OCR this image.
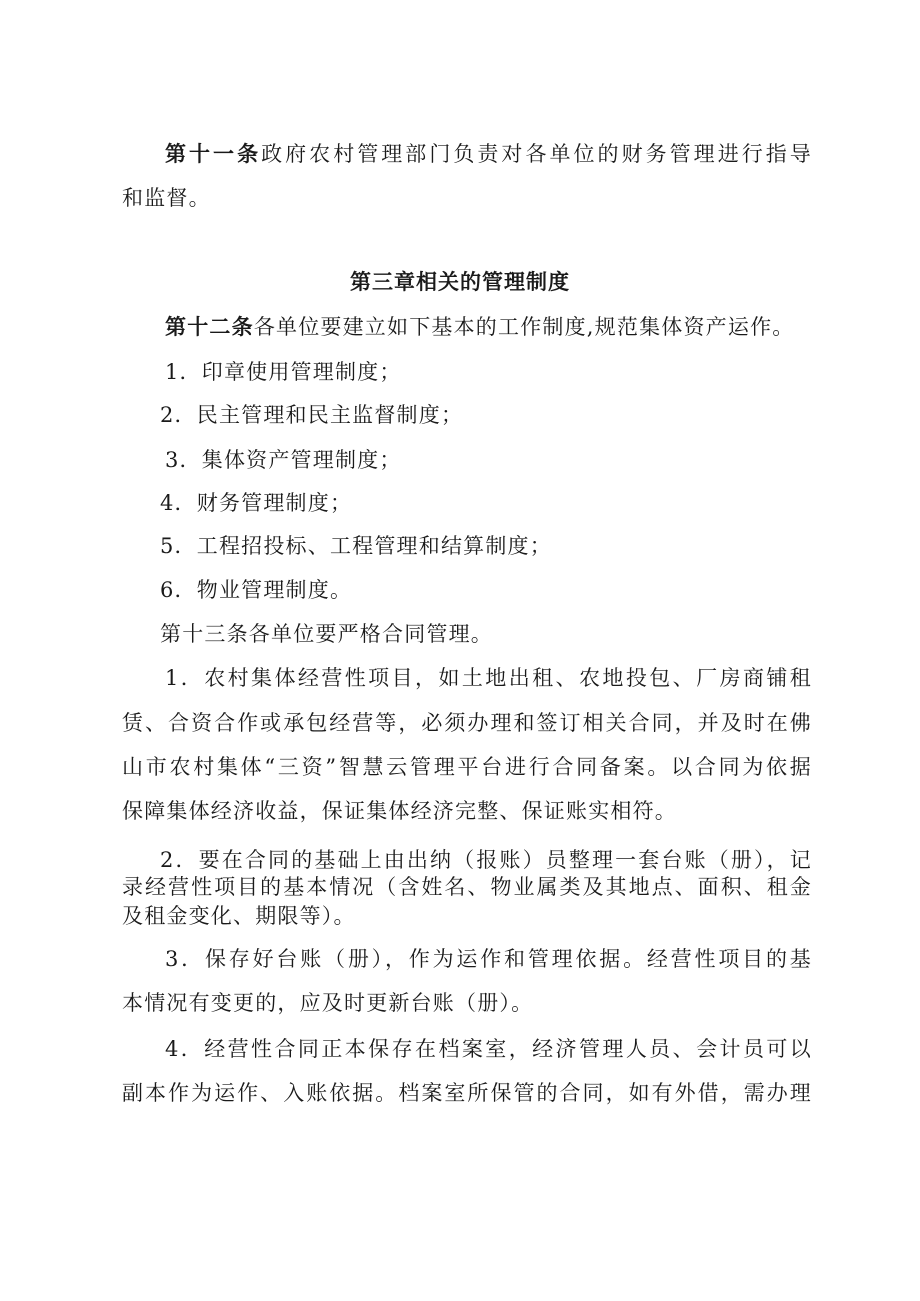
第十一条政府农村管理部门负责对各单位的财务管理进行指导
和监督。
第三章相关的管理制度
第十二条各单位要建立如下基本的工作制度,规范集体资产运作。
1．印章使用管理制度；
2．民主管理和民主监督制度；
3．集体资产管理制度；
4．财务管理制度；
5．工程招投标、工程管理和结算制度；
6．物业管理制度。
第十三条各单位要严格合同管理。
1．农村集体经营性项目，如土地出租、农地投包、厂房商铺租
赁、合资合作或承包经营等，必须办理和签订相关合同，并及时在佛
山市农村集体“三资”智慧云管理平台进行合同备案。以合同为依据
保障集体经济收益，保证集体经济完整、保证账实相符。
2．要在合同的基础上由出纳（报账）员整理一套台账（册），记
录经营性项目的基本情况（含姓名、物业属类及其地点、面积、租金
及租金变化、期限等）。
3．保存好台账（册），作为运作和管理依据。经营性项目的基
本情况有变更的，应及时更新台账（册）。
4．经营性合同正本保存在档案室，经济管理人员、会计员可以
副本作为运作、入账依据。档案室所保管的合同，如有外借，需办理
